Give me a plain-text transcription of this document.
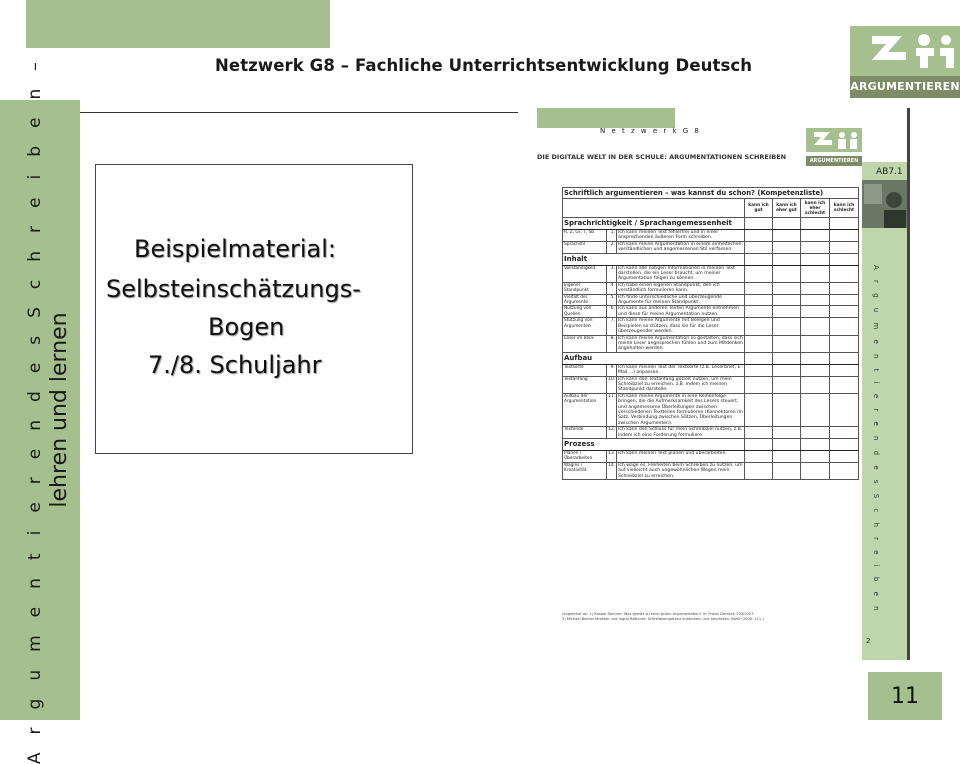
Netzwerk G8 – Fachliche Unterrichtsentwicklung Deutsch
ARGUMENTIEREN
A r g u m e n t i e r e n d e s S c h r e i b e n – lehren und lernen
Beispielmaterial:
Selbsteinschätzungs-
Bogen
7./8. Schuljahr
N e t z w e r k G 8
ARGUMENTIEREN
DIE DIGITALE WELT IN DER SCHULE: ARGUMENTATIONEN SCHREIBEN
AB7.1
A r g u m e n t i e r e n d e s S c h r e i b e n
2
Schriftlich argumentieren – was kannst du schon? (Kompetenzliste)						
			kann ich gut	kann ich eher gut	kann ich eher schlecht	kann ich schlecht
Sprachrichtigkeit / Sprachangemessenheit						
R, Z, Gr, T, Sb	1.	Ich kann meinen Text fehlerfrei und in einer ansprechenden äußeren Form schreiben.				
Sprachstil	2.	Ich kann meine Argumentation in einem einheitlichen, verständlichen und angemessenen Stil verfassen.				
Inhalt						
Vollständigkeit	3.	Ich kann alle nötigen Informationen in meinen Text darstellen, die ein Leser braucht, um meiner Argumentation folgen zu können.				
Eigener Standpunkt	4.	Ich habe einen eigenen Standpunkt, den ich verständlich formulieren kann.				
Vielfalt der Argumente	5.	Ich finde unterschiedliche und überzeugende Argumente für meinen Standpunkt.				
Nutzung von Quellen	6.	Ich kann aus anderen Texten Argumente entnehmen und diese für meine Argumentation nutzen.				
Stützung von Argumenten	7.	Ich kann meine Argumente mit Belegen und Beispielen so stützen, dass sie für die Leser überzeugender werden.				
Leser im Blick	8.	Ich kann meine Argumentation so gestalten, dass sich meine Leser angesprochen fühlen und zum Mitdenken angehalten werden.				
Aufbau						
Textsorte	9.	Ich kann meinen Text der Textsorte (z.B. Leserbrief, E-Mail ...) anpassen.				
Textanfang	10.	Ich kann den Textanfang gezielt nutzen, um mein Schreibziel zu erreichen, z.B. indem ich meinen Standpunkt darstelle.				
Aufbau der Argumentation	11.	Ich kann meine Argumente in eine Reihenfolge bringen, die die Aufmerksamkeit des Lesers steuert, und angemessene Überleitungen zwischen verschiedenen Textteilen formulieren (Konnektoren im Satz, Verbindung zwischen Sätzen, Überleitungen zwischen Argumenten).				
Textende	12.	Ich kann den Schluss für mein Schreibziel nutzen, z.B. indem ich eine Forderung formuliere.				
Prozess						
Planen / Überarbeiten	13.	Ich kann meinen Text planen und überarbeiten				
Wagnis / Kreativität	14.	Ich wage es, Freiheiten beim Schreiben zu nutzen, um auf vielleicht auch ungewöhnlichen Wegen mein Schreibziel zu erreichen.				
(angelehnt an: 1) Kaspar Spinner: Was gehört zu einer guten Argumentation? In: Praxis Deutsch 203/2007.
2) Michael Becker-Mrotzek und Ingrid Böttcher: Schreibkompetenz entwickeln und beurteilen. Berlin 2006: 111.)
11
